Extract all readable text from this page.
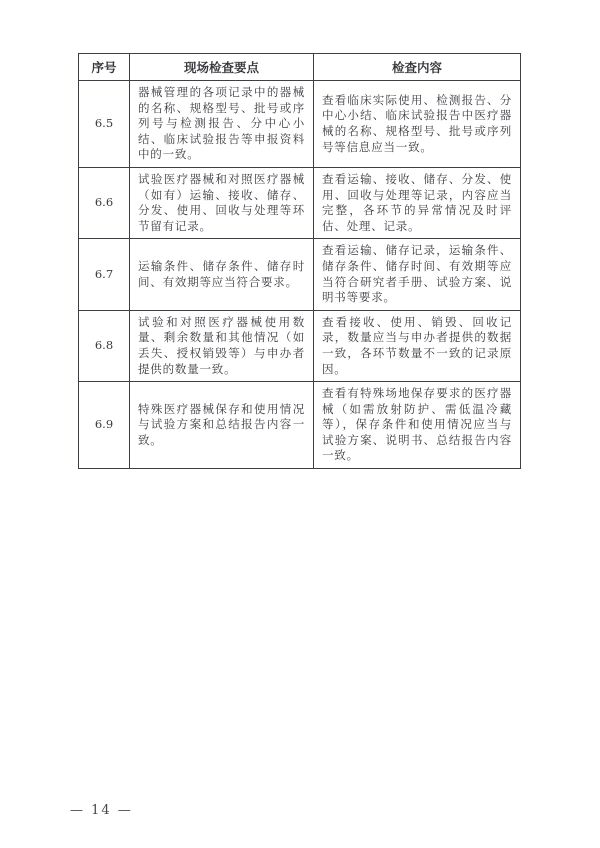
序号	现场检查要点	检查内容
6.5	器械管理的各项记录中的器械的名称、规格型号、批号或序列号与检测报告、分中心小结、临床试验报告等申报资料中的一致。	查看临床实际使用、检测报告、分中心小结、临床试验报告中医疗器械的名称、规格型号、批号或序列号等信息应当一致。
6.6	试验医疗器械和对照医疗器械（如有）运输、接收、储存、分发、使用、回收与处理等环节留有记录。	查看运输、接收、储存、分发、使用、回收与处理等记录，内容应当完整，各环节的异常情况及时评估、处理、记录。
6.7	运输条件、储存条件、储存时间、有效期等应当符合要求。	查看运输、储存记录，运输条件、储存条件、储存时间、有效期等应当符合研究者手册、试验方案、说明书等要求。
6.8	试验和对照医疗器械使用数量、剩余数量和其他情况（如丢失、授权销毁等）与申办者提供的数量一致。	查看接收、使用、销毁、回收记录，数量应当与申办者提供的数据一致，各环节数量不一致的记录原因。
6.9	特殊医疗器械保存和使用情况与试验方案和总结报告内容一致。	查看有特殊场地保存要求的医疗器械（如需放射防护、需低温冷藏等），保存条件和使用情况应当与试验方案、说明书、总结报告内容一致。
— 14 —
